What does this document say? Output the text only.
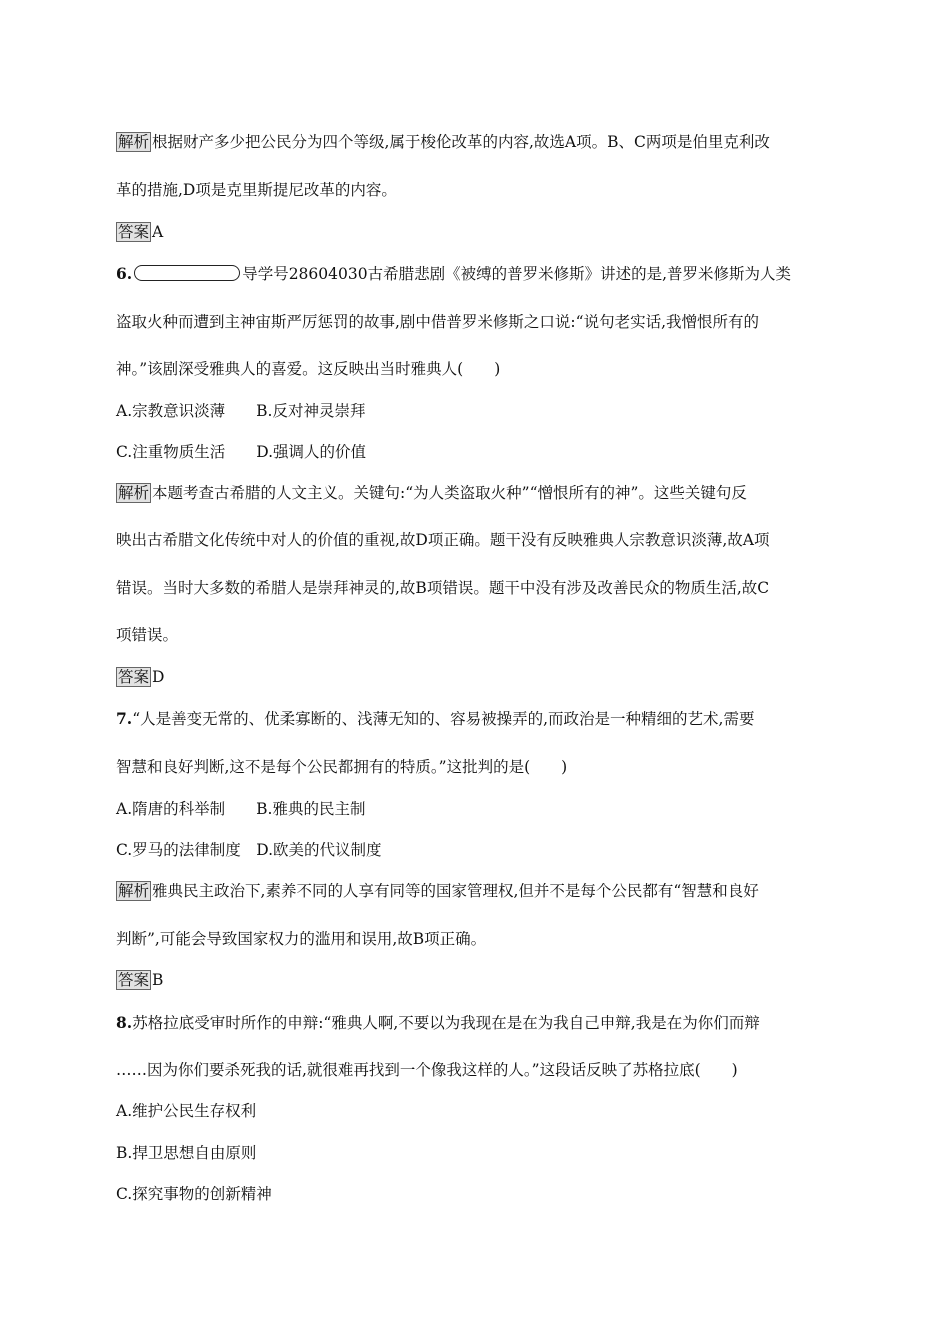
解析 根据财产多少把公民分为四个等级,属于梭伦改革的内容,故选A项。B、C两项是伯里克利改
革的措施,D项是克里斯提尼改革的内容。
答案 A
6.	导学号28604030古希腊悲剧《被缚的普罗米修斯》讲述的是,普罗米修斯为人类
盗取火种而遭到主神宙斯严厉惩罚的故事,剧中借普罗米修斯之口说:“说句老实话,我憎恨所有的
神。”该剧深受雅典人的喜爱。这反映出当时雅典人(　　)
A.宗教意识淡薄　　B.反对神灵崇拜
C.注重物质生活　　D.强调人的价值
解析 本题考查古希腊的人文主义。关键句:“为人类盗取火种”“憎恨所有的神”。这些关键句反
映出古希腊文化传统中对人的价值的重视,故D项正确。题干没有反映雅典人宗教意识淡薄,故A项
错误。当时大多数的希腊人是崇拜神灵的,故B项错误。题干中没有涉及改善民众的物质生活,故C
项错误。
答案 D
7.“人是善变无常的、优柔寡断的、浅薄无知的、容易被操弄的,而政治是一种精细的艺术,需要
智慧和良好判断,这不是每个公民都拥有的特质。”这批判的是(　　)
A.隋唐的科举制　　B.雅典的民主制
C.罗马的法律制度　D.欧美的代议制度
解析 雅典民主政治下,素养不同的人享有同等的国家管理权,但并不是每个公民都有“智慧和良好
判断”,可能会导致国家权力的滥用和误用,故B项正确。
答案 B
8.苏格拉底受审时所作的申辩:“雅典人啊,不要以为我现在是在为我自己申辩,我是在为你们而辩
……因为你们要杀死我的话,就很难再找到一个像我这样的人。”这段话反映了苏格拉底(　　)
A.维护公民生存权利
B.捍卫思想自由原则
C.探究事物的创新精神
